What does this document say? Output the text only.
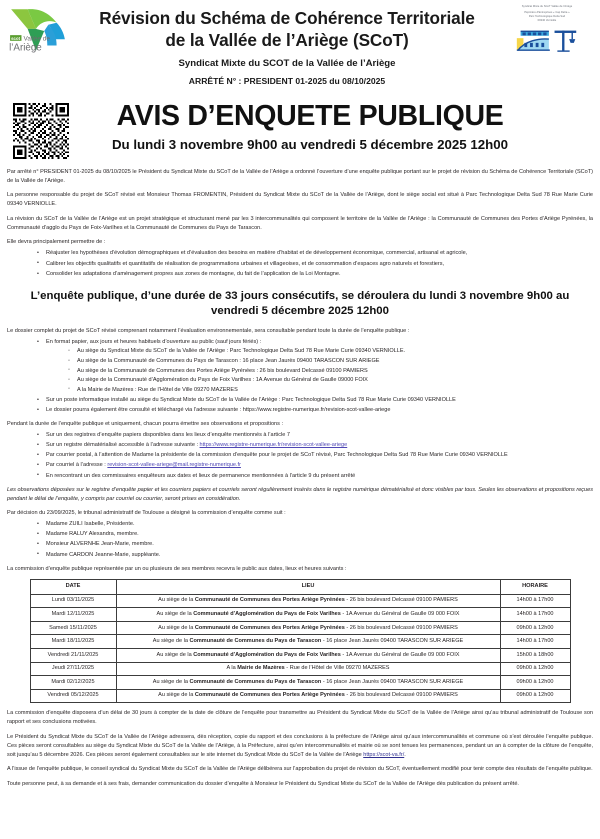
scot Vallée de
l’Ariège
Révision du Schéma de Cohérence Territoriale
de la Vallée de l’Ariège (SCoT)
Syndicat Mixte du SCOT de la Vallée de l’Ariège
ARRÊTÉ N° : PRESIDENT 01-2025 du 08/10/2025
Syndicat Mixte du SCoT Vallée de l'Ariège
Pépinière d'Entreprises « Cap Delta »
Parc Technologique Delta Sud
09340 Verniolle
AVIS D’ENQUETE PUBLIQUE
Du lundi 3 novembre 9h00 au vendredi 5 décembre 2025 12h00

Par arrêté n° PRESIDENT 01-2025 du 08/10/2025 le Président du Syndicat Mixte du SCoT de la Vallée de l’Ariège a ordonné l’ouverture d’une enquête publique portant sur le projet de révision du Schéma de Cohérence Territoriale (SCoT) de la Vallée de l’Ariège.

La personne responsable du projet de SCoT révisé est Monsieur Thomas FROMENTIN, Président du Syndicat Mixte du SCoT de la Vallée de l’Ariège, dont le siège social est situé à Parc Technologique Delta Sud 78 Rue Marie Curie 09340 VERNIOLLE.

La révision du SCoT de la Vallée de l’Ariège est un projet stratégique et structurant mené par les 3 intercommunalités qui composent le territoire de la Vallée de l’Ariège : la Communauté de Communes des Portes d’Ariège Pyrénées, la Communauté d’agglo du Pays de Foix-Varilhes et la Communauté de Communes du Pays de Tarascon.

Elle devra principalement permettre de :

• Réajuster les hypothèses d’évolution démographiques et d’évaluation des besoins en matière d’habitat et de développement économique, commercial, artisanal et agricole,
• Calibrer les objectifs qualitatifs et quantitatifs de réalisation de programmations urbaines et villageoises, et de consommation d’espaces agro naturels et forestiers,
• Consolider les adaptations d’aménagement propres aux zones de montagne, du fait de l’application de la Loi Montagne.
L’enquête publique, d’une durée de 33 jours consécutifs, se déroulera du lundi 3 novembre 9h00 au vendredi 5 décembre 2025 12h00

Le dossier complet du projet de SCoT révisé comprenant notamment l’évaluation environnementale, sera consultable pendant toute la durée de l’enquête publique :

• En format papier, aux jours et heures habituels d’ouverture au public (sauf jours fériés) :
◦ Au siège du Syndicat Mixte du SCoT de la Vallée de l’Ariège : Parc Technologique Delta Sud 78 Rue Marie Curie 09340 VERNIOLLE.
◦ Au siège de la Communauté de Communes du Pays de Tarascon : 16 place Jean Jaurès 09400 TARASCON SUR ARIEGE
◦ Au siège de la Communauté de Communes des Portes Ariège Pyrénées : 26 bis boulevard Delcassé 09100 PAMIERS
◦ Au siège de la Communauté d’Agglomération du Pays de Foix Varilhes : 1A Avenue du Général de Gaulle 09000 FOIX
◦ A la Mairie de Mazères : Rue de l’Hôtel de Ville 09270 MAZERES
• Sur un poste informatique installé au siège du Syndicat Mixte du SCoT de la Vallée de l’Ariège : Parc Technologique Delta Sud 78 Rue Marie Curie 09340 VERNIOLLE
• Le dossier pourra également être consulté et téléchargé via l’adresse suivante : https://www.registre-numerique.fr/revision-scot-vallee-ariege

Pendant la durée de l’enquête publique et uniquement, chacun pourra émettre ses observations et propositions :

• Sur un des registres d’enquête papiers disponibles dans les lieux d’enquête mentionnés à l’article 7
• Sur un registre dématérialisé accessible à l’adresse suivante : https://www.registre-numerique.fr/revision-scot-vallee-ariege
• Par courrier postal, à l’attention de Madame la présidente de la commission d’enquête pour le projet de SCoT révisé, Parc Technologique Delta Sud 78 Rue Marie Curie 09340 VERNIOLLE
• Par courriel à l’adresse : revision-scot-vallee-ariege@mail.registre-numerique.fr
• En rencontrant un des commissaires enquêteurs aux dates et lieux de permanence mentionnées à l’article 9 du présent arrêté

Les observations déposées sur le registre d’enquête papier et les courriers papiers et courriels seront régulièrement insérés dans le registre numérique dématérialisé et donc visibles par tous. Seules les observations et propositions reçues pendant le délai de l’enquête, y compris par courriel ou courrier, seront prises en considération.

Par décision du 23/09/2025, le tribunal administratif de Toulouse a désigné la commission d’enquête comme suit :

• Madame ZUILI Isabelle, Présidente.
• Madame RALUY Alexandra, membre.
• Monsieur ALVERNHE Jean-Marie, membre.
• Madame CARDON Jeanne-Marie, suppléante.

La commission d’enquête publique représentée par un ou plusieurs de ses membres recevra le public aux dates, lieux et heures suivants :

DATE	LIEU	HORAIRE
Lundi 03/11/2025	Au siège de la Communauté de Communes des Portes Ariège Pyrénées - 26 bis boulevard Delcassé 09100 PAMIERS	14h00 à 17h00
Mardi 12/11/2025	Au siège de la Communauté d’Agglomération du Pays de Foix Varilhes - 1A Avenue du Général de Gaulle 09 000 FOIX	14h00 à 17h00
Samedi 15/11/2025	Au siège de la Communauté de Communes des Portes Ariège Pyrénées - 26 bis boulevard Delcassé 09100 PAMIERS	09h00 à 12h00
Mardi 18/11/2025	Au siège de la Communauté de Communes du Pays de Tarascon - 16 place Jean Jaurès 09400 TARASCON SUR ARIEGE	14h00 à 17h00
Vendredi 21/11/2025	Au siège de la Communauté d’Agglomération du Pays de Foix Varilhes - 1A Avenue du Général de Gaulle 09 000 FOIX	15h00 à 18h00
Jeudi 27/11/2025	A la Mairie de Mazères - Rue de l’Hôtel de Ville 09270 MAZERES	09h00 à 12h00
Mardi 02/12/2025	Au siège de la Communauté de Communes du Pays de Tarascon - 16 place Jean Jaurès 09400 TARASCON SUR ARIEGE	09h00 à 12h00
Vendredi 05/12/2025	Au siège de la Communauté de Communes des Portes Ariège Pyrénées - 26 bis boulevard Delcassé 09100 PAMIERS	09h00 à 12h00

La commission d’enquête disposera d’un délai de 30 jours à compter de la date de clôture de l’enquête pour transmettre au Président du Syndicat Mixte du SCoT de la Vallée de l’Ariège ainsi qu’au tribunal administratif de Toulouse son rapport et ses conclusions motivées.

Le Président du Syndicat Mixte du SCoT de la Vallée de l’Ariège adressera, dès réception, copie du rapport et des conclusions à la préfecture de l’Ariège ainsi qu’aux intercommunalités et commune où s’est déroulée l’enquête publique. Ces pièces seront consultables au siège du Syndicat Mixte du SCoT de la Vallée de l’Ariège, à la Préfecture, ainsi qu’en intercommunalités et mairie où se sont tenues les permanences, pendant un an à compter de la clôture de l’enquête, soit jusqu’au 5 décembre 2026. Ces pièces seront également consultables sur le site internet du Syndicat Mixte du SCoT de la Vallée de l’Ariège https://scot-va.fr/.

A l’issue de l’enquête publique, le conseil syndical du Syndicat Mixte du SCoT de la Vallée de l’Ariège délibérera sur l’approbation du projet de révision du SCoT, éventuellement modifié pour tenir compte des résultats de l’enquête publique.

Toute personne peut, à sa demande et à ses frais, demander communication du dossier d’enquête à Monsieur le Président du Syndicat Mixte du SCoT de la Vallée de l’Ariège dès publication du présent arrêté.
